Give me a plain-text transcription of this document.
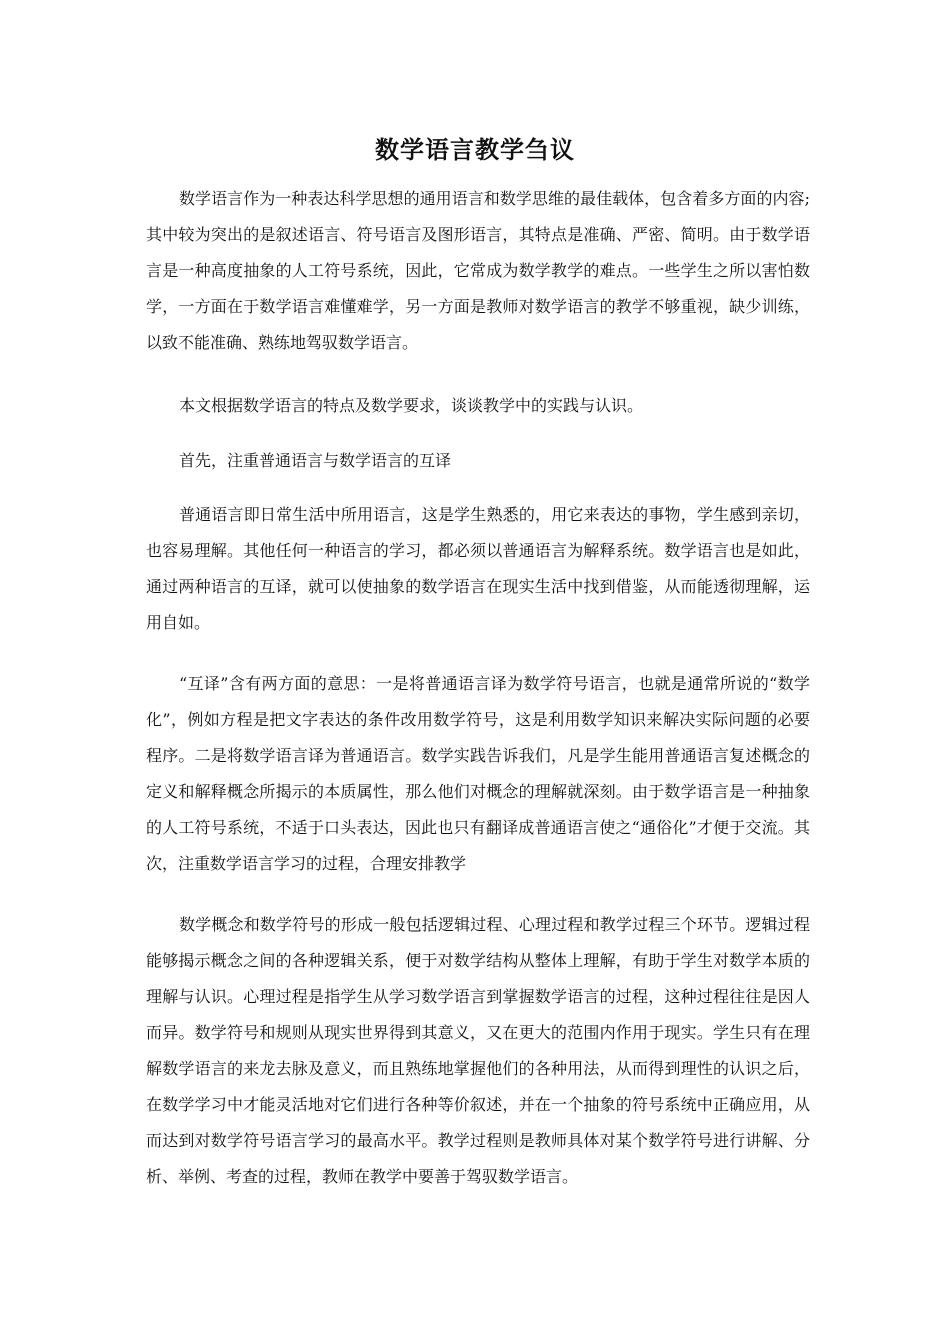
数学语言教学刍议

数学语言作为一种表达科学思想的通用语言和数学思维的最佳载体，包含着多方面的内容;其中较为突出的是叙述语言、符号语言及图形语言，其特点是准确、严密、简明。由于数学语言是一种高度抽象的人工符号系统，因此，它常成为数学教学的难点。一些学生之所以害怕数学，一方面在于数学语言难懂难学，另一方面是教师对数学语言的教学不够重视，缺少训练，以致不能准确、熟练地驾驭数学语言。

本文根据数学语言的特点及数学要求，谈谈教学中的实践与认识。

首先，注重普通语言与数学语言的互译

普通语言即日常生活中所用语言，这是学生熟悉的，用它来表达的事物，学生感到亲切，也容易理解。其他任何一种语言的学习，都必须以普通语言为解释系统。数学语言也是如此，通过两种语言的互译，就可以使抽象的数学语言在现实生活中找到借鉴，从而能透彻理解，运用自如。

“互译”含有两方面的意思：一是将普通语言译为数学符号语言，也就是通常所说的“数学化”，例如方程是把文字表达的条件改用数学符号，这是利用数学知识来解决实际问题的必要程序。二是将数学语言译为普通语言。数学实践告诉我们，凡是学生能用普通语言复述概念的定义和解释概念所揭示的本质属性，那么他们对概念的理解就深刻。由于数学语言是一种抽象的人工符号系统，不适于口头表达，因此也只有翻译成普通语言使之“通俗化”才便于交流。其次，注重数学语言学习的过程，合理安排教学

数学概念和数学符号的形成一般包括逻辑过程、心理过程和教学过程三个环节。逻辑过程能够揭示概念之间的各种逻辑关系，便于对数学结构从整体上理解，有助于学生对数学本质的理解与认识。心理过程是指学生从学习数学语言到掌握数学语言的过程，这种过程往往是因人而异。数学符号和规则从现实世界得到其意义，又在更大的范围内作用于现实。学生只有在理解数学语言的来龙去脉及意义，而且熟练地掌握他们的各种用法，从而得到理性的认识之后，在数学学习中才能灵活地对它们进行各种等价叙述，并在一个抽象的符号系统中正确应用，从而达到对数学符号语言学习的最高水平。教学过程则是教师具体对某个数学符号进行讲解、分析、举例、考查的过程，教师在教学中要善于驾驭数学语言。
